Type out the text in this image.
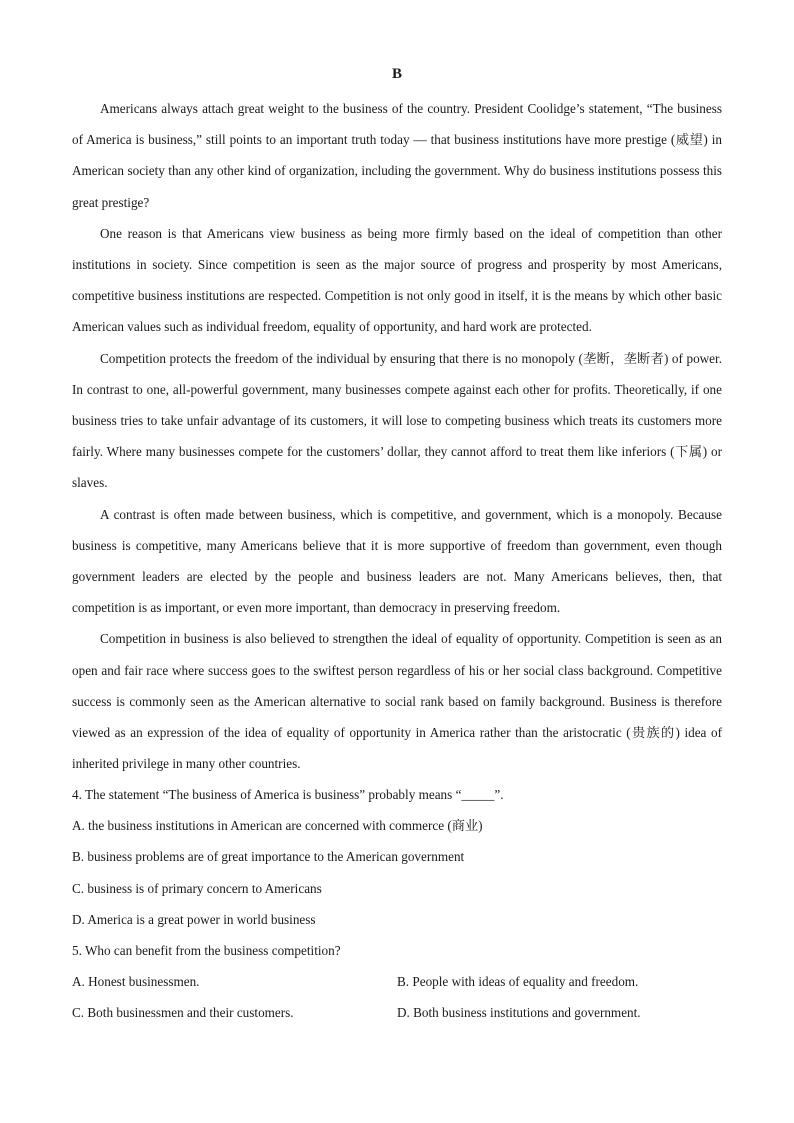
B

Americans always attach great weight to the business of the country. President Coolidge’s statement, “The business of America is business,” still points to an important truth today — that business institutions have more prestige (威望) in American society than any other kind of organization, including the government. Why do business institutions possess this great prestige?

One reason is that Americans view business as being more firmly based on the ideal of competition than other institutions in society. Since competition is seen as the major source of progress and prosperity by most Americans, competitive business institutions are respected. Competition is not only good in itself, it is the means by which other basic American values such as individual freedom, equality of opportunity, and hard work are protected.

Competition protects the freedom of the individual by ensuring that there is no monopoly (垄断，垄断者) of power. In contrast to one, all-powerful government, many businesses compete against each other for profits. Theoretically, if one business tries to take unfair advantage of its customers, it will lose to competing business which treats its customers more fairly. Where many businesses compete for the customers’ dollar, they cannot afford to treat them like inferiors (下属) or slaves.

A contrast is often made between business, which is competitive, and government, which is a monopoly. Because business is competitive, many Americans believe that it is more supportive of freedom than government, even though government leaders are elected by the people and business leaders are not. Many Americans believes, then, that competition is as important, or even more important, than democracy in preserving freedom.

Competition in business is also believed to strengthen the ideal of equality of opportunity. Competition is seen as an open and fair race where success goes to the swiftest person regardless of his or her social class background. Competitive success is commonly seen as the American alternative to social rank based on family background. Business is therefore viewed as an expression of the idea of equality of opportunity in America rather than the aristocratic (贵族的) idea of inherited privilege in many other countries.

4. The statement “The business of America is business” probably means “_____”.
A. the business institutions in American are concerned with commerce (商业)
B. business problems are of great importance to the American government
C. business is of primary concern to Americans
D. America is a great power in world business
5. Who can benefit from the business competition?
A. Honest businessmen.	B. People with ideas of equality and freedom.
C. Both businessmen and their customers.	D. Both business institutions and government.
